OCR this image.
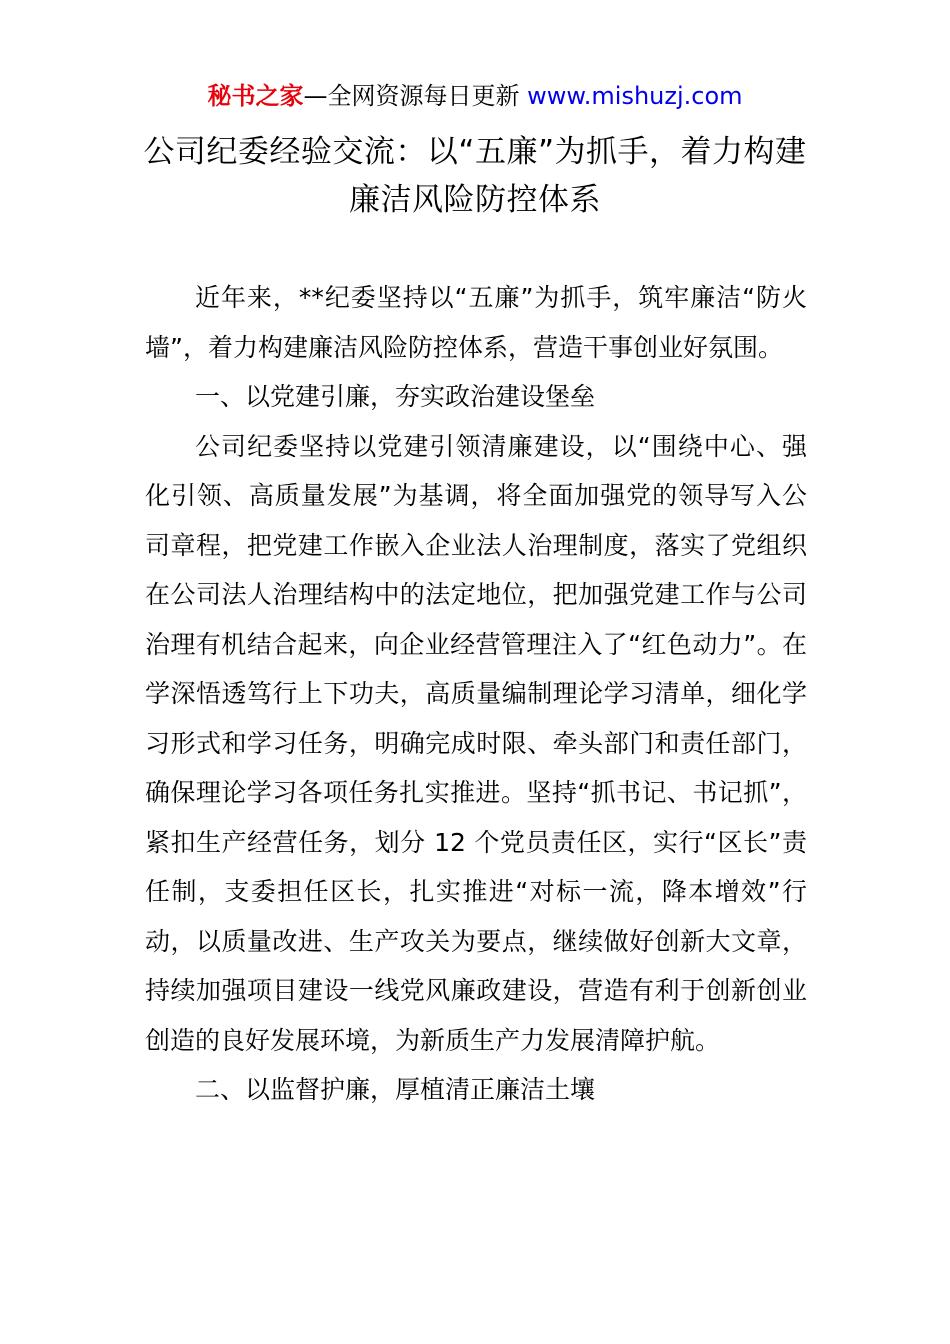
秘书之家—全网资源每日更新 www.mishuzj.com
公司纪委经验交流：以“五廉”为抓手，着力构建廉洁风险防控体系

近年来，**纪委坚持以“五廉”为抓手，筑牢廉洁“防火墙”，着力构建廉洁风险防控体系，营造干事创业好氛围。

一、以党建引廉，夯实政治建设堡垒

公司纪委坚持以党建引领清廉建设，以“围绕中心、强化引领、高质量发展”为基调，将全面加强党的领导写入公司章程，把党建工作嵌入企业法人治理制度，落实了党组织在公司法人治理结构中的法定地位，把加强党建工作与公司治理有机结合起来，向企业经营管理注入了“红色动力”。在学深悟透笃行上下功夫，高质量编制理论学习清单，细化学习形式和学习任务，明确完成时限、牵头部门和责任部门，确保理论学习各项任务扎实推进。坚持“抓书记、书记抓”，紧扣生产经营任务，划分 12 个党员责任区，实行“区长”责任制，支委担任区长，扎实推进“对标一流，降本增效”行动，以质量改进、生产攻关为要点，继续做好创新大文章，持续加强项目建设一线党风廉政建设，营造有利于创新创业创造的良好发展环境，为新质生产力发展清障护航。

二、以监督护廉，厚植清正廉洁土壤
